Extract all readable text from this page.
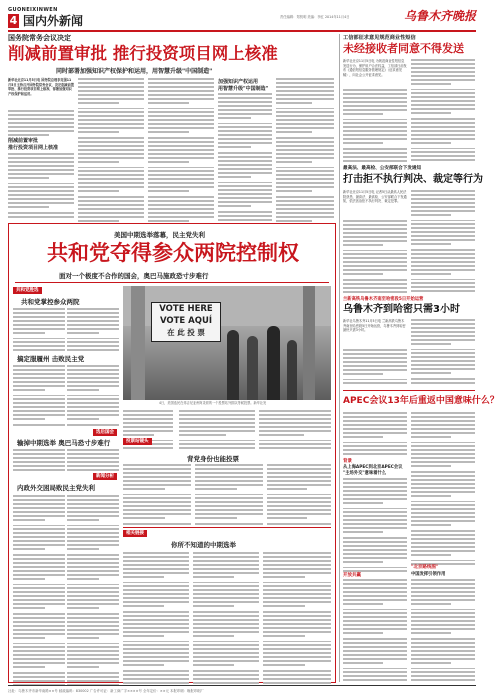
GUONEIXINWEN
4 国内外新闻	责任编辑：郑锐明 美编：李红 2014年11月4日	乌鲁木齐晚报
国务院常务会议决定
削减前置审批 推行投资项目网上核准
同时部署加强知识产权保护和运用，用智慧升级"中国制造"
新华社北京11月5日电 国务院总理李克强11月5日主持召开国务院常务会议，决定削减前置审批、推行投资项目网上核准，部署加强知识产权保护和运用。
削减前置审批
推行投资项目网上核准
加强知识产权运用
用智慧升级"中国制造"
工信部征求意见规范商业性短信
未经接收者同意不得发送
新华社北京11月5日电 为规范商业性短信息发送行为，保护用户合法权益，工信部日前发布《通信短信息服务管理规定》（征求意见稿），向社会公开征求意见。
最高法、最高检、公安部联合下发通知
打击拒不执行判决、裁定等行为
新华社北京11月5日电 记者5日从最高人民法院获悉，最高法、最高检、公安部联合下发通知，依法惩治拒不执行判决、裁定犯罪。
兰新高铁乌鲁木齐南至哈密段5日开始运营
乌鲁木齐到哈密只需3小时
新华社乌鲁木齐11月5日电 兰新高铁乌鲁木齐南至哈密段5日开始运营，乌鲁木齐到哈密最快只需3小时。
APEC会议13年后重返中国意味什么？
背景
从上海APEC到北京APEC会议
"主场外交"意味着什么
开放共赢
"北京路线图"
中国发挥引领作用
美国中期选举落幕，民主党失利
共和党夺得参众两院控制权
面对一个极度不合作的国会，奥巴马施政恐寸步难行
共和党胜选
共和党掌控参众两院
搞定服履州 击败民主党
选后国会
输掉中期选举 奥巴马恐寸步难行
新闻分析
内政外交困局败民主党失利
VOTE HERE
VOTE AQUÍ
在 此 投 票
4日，美国选民在弗吉尼亚州阿灵顿的一个投票站外排队等候投票。新华社发
投票站镜头
背党身份也能投票
相关链接
你所不知道的中期选举
社址：乌鲁木齐市新华南路××号 邮政编码：830002 广告许可证：新工商广字××××号 全年定价：××元 本报印刷：晚报印刷厂
